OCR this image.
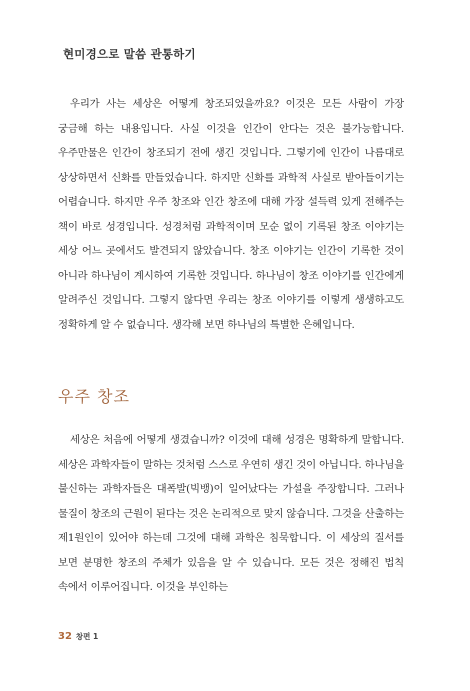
현미경으로 말씀 관통하기

우리가 사는 세상은 어떻게 창조되었을까요? 이것은 모든 사람이 가장 궁금해 하는 내용입니다. 사실 이것을 인간이 안다는 것은 불가능합니다. 우주만물은 인간이 창조되기 전에 생긴 것입니다. 그렇기에 인간이 나름대로 상상하면서 신화를 만들었습니다. 하지만 신화를 과학적 사실로 받아들이기는 어렵습니다. 하지만 우주 창조와 인간 창조에 대해 가장 설득력 있게 전해주는 책이 바로 성경입니다. 성경처럼 과학적이며 모순 없이 기록된 창조 이야기는 세상 어느 곳에서도 발견되지 않았습니다. 창조 이야기는 인간이 기록한 것이 아니라 하나님이 계시하여 기록한 것입니다. 하나님이 창조 이야기를 인간에게 알려주신 것입니다. 그렇지 않다면 우리는 창조 이야기를 이렇게 생생하고도 정확하게 알 수 없습니다. 생각해 보면 하나님의 특별한 은혜입니다.

우주 창조

세상은 처음에 어떻게 생겼습니까? 이것에 대해 성경은 명확하게 말합니다. 세상은 과학자들이 말하는 것처럼 스스로 우연히 생긴 것이 아닙니다. 하나님을 불신하는 과학자들은 대폭발(빅뱅)이 일어났다는 가설을 주장합니다. 그러나 물질이 창조의 근원이 된다는 것은 논리적으로 맞지 않습니다. 그것을 산출하는 제1원인이 있어야 하는데 그것에 대해 과학은 침묵합니다. 이 세상의 질서를 보면 분명한 창조의 주체가 있음을 알 수 있습니다. 모든 것은 정해진 법칙 속에서 이루어집니다. 이것을 부인하는

32 창편 1
